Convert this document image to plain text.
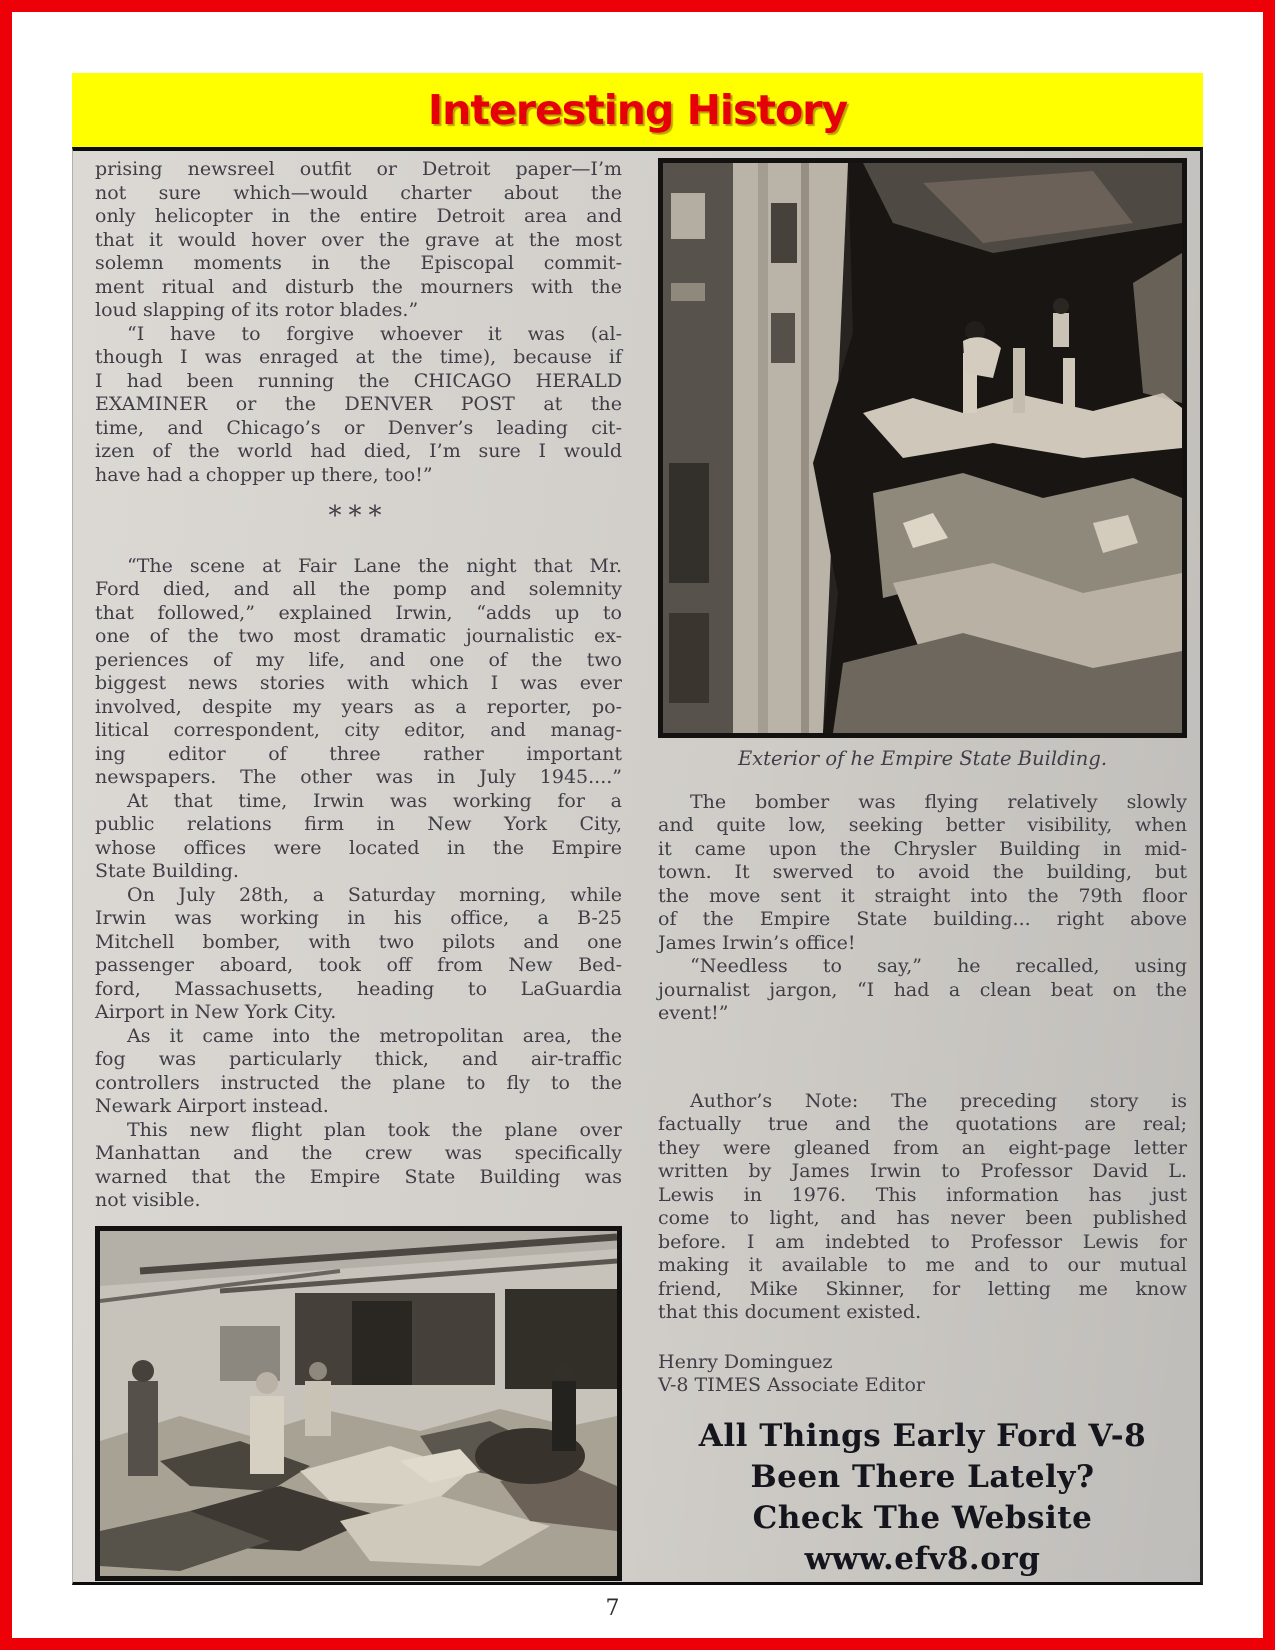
Interesting History
prising newsreel outfit or Detroit paper—I’m
not sure which—would charter about the
only helicopter in the entire Detroit area and
that it would hover over the grave at the most
solemn moments in the Episcopal commit-
ment ritual and disturb the mourners with the
loud slapping of its rotor blades.”
“I have to forgive whoever it was (al-
though I was enraged at the time), because if
I had been running the CHICAGO HERALD
EXAMINER or the DENVER POST at the
time, and Chicago’s or Denver’s leading cit-
izen of the world had died, I’m sure I would
have had a chopper up there, too!”
***
“The scene at Fair Lane the night that Mr.
Ford died, and all the pomp and solemnity
that followed,” explained Irwin, “adds up to
one of the two most dramatic journalistic ex-
periences of my life, and one of the two
biggest news stories with which I was ever
involved, despite my years as a reporter, po-
litical correspondent, city editor, and manag-
ing editor of three rather important
newspapers. The other was in July 1945....”
At that time, Irwin was working for a
public relations firm in New York City,
whose offices were located in the Empire
State Building.
On July 28th, a Saturday morning, while
Irwin was working in his office, a B-25
Mitchell bomber, with two pilots and one
passenger aboard, took off from New Bed-
ford, Massachusetts, heading to LaGuardia
Airport in New York City.
As it came into the metropolitan area, the
fog was particularly thick, and air-traffic
controllers instructed the plane to fly to the
Newark Airport instead.
This new flight plan took the plane over
Manhattan and the crew was specifically
warned that the Empire State Building was
not visible.
Exterior of he Empire State Building.
The bomber was flying relatively slowly
and quite low, seeking better visibility, when
it came upon the Chrysler Building in mid-
town. It swerved to avoid the building, but
the move sent it straight into the 79th floor
of the Empire State building... right above
James Irwin’s office!
“Needless to say,” he recalled, using
journalist jargon, “I had a clean beat on the
event!”
Author’s Note: The preceding story is
factually true and the quotations are real;
they were gleaned from an eight-page letter
written by James Irwin to Professor David L.
Lewis in 1976. This information has just
come to light, and has never been published
before. I am indebted to Professor Lewis for
making it available to me and to our mutual
friend, Mike Skinner, for letting me know
that this document existed.
Henry Dominguez
V-8 TIMES Associate Editor
All Things Early Ford V-8
Been There Lately?
Check The Website
www.efv8.org
7
